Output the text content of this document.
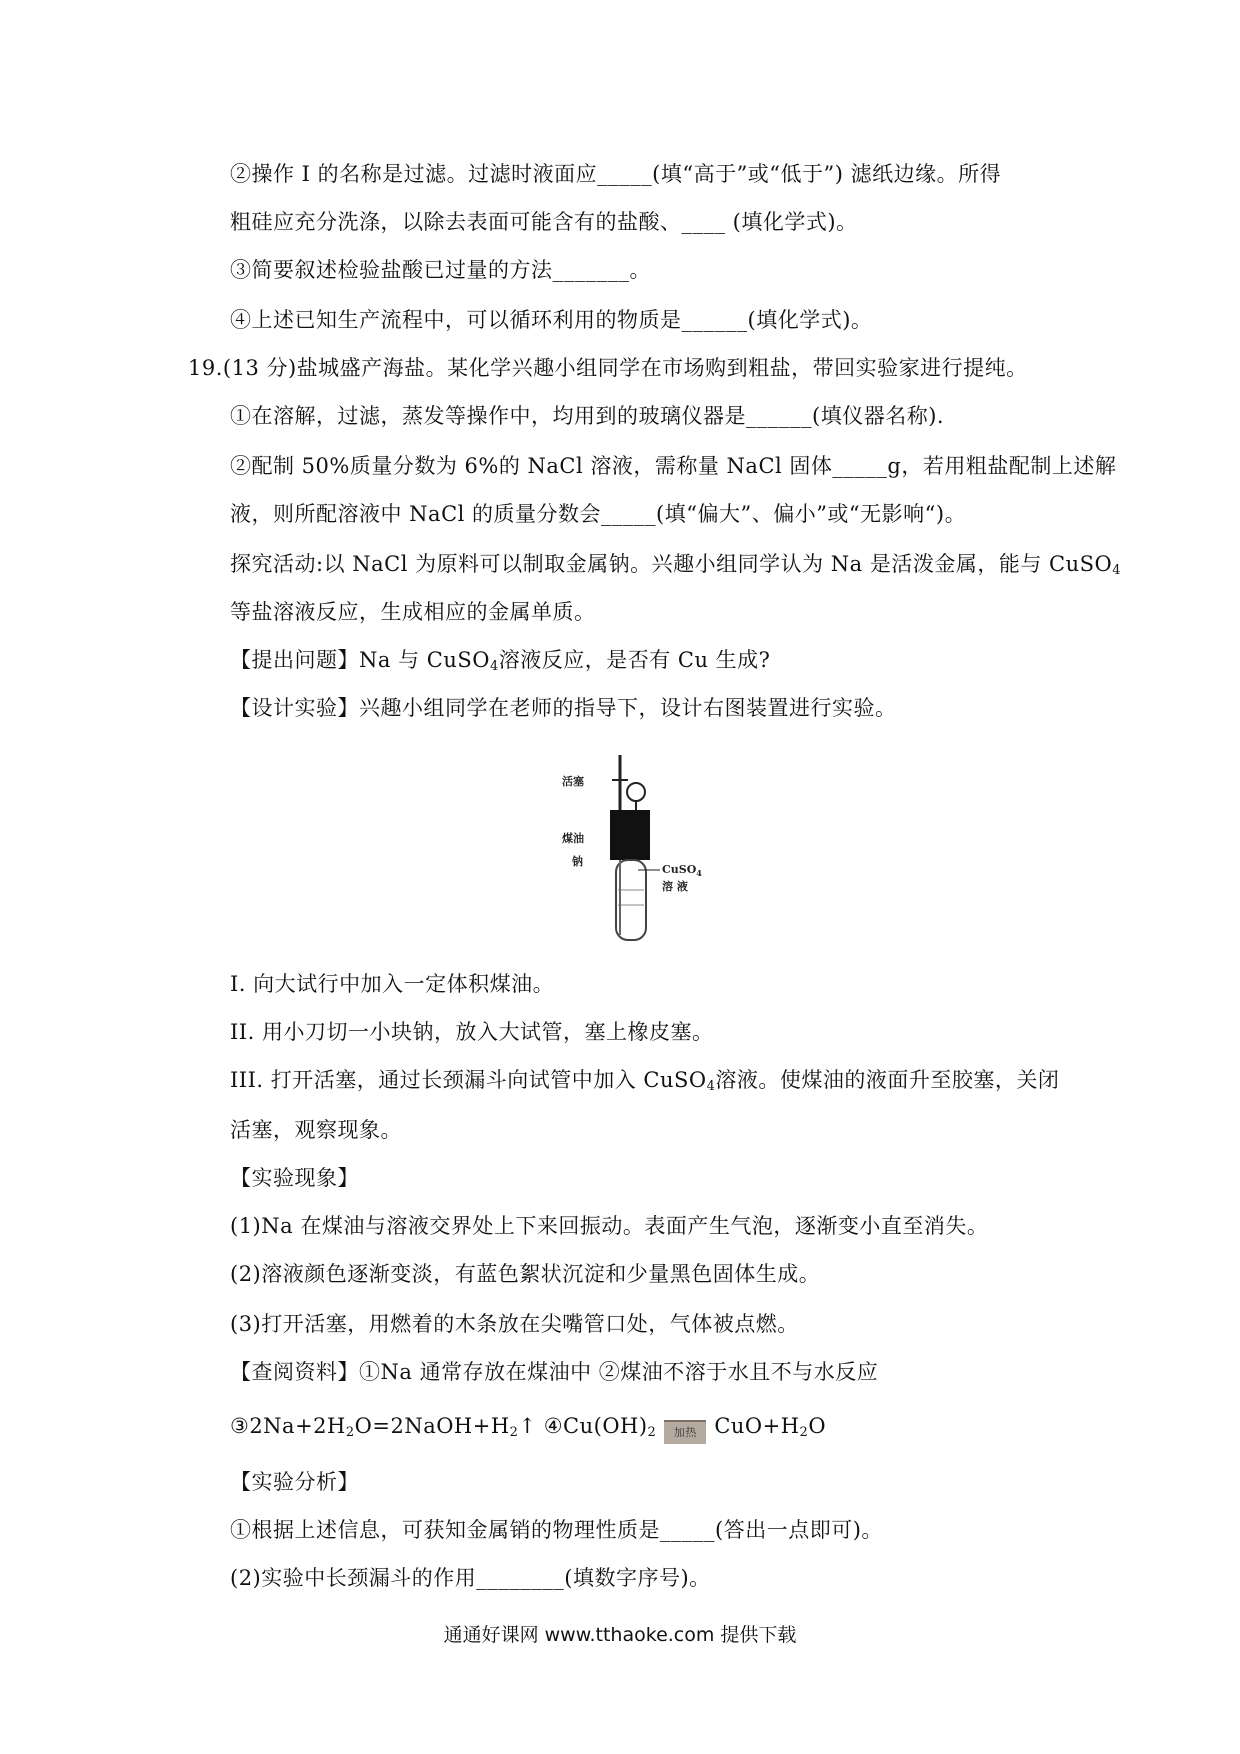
②操作 I 的名称是过滤。过滤时液面应_____(填“高于”或“低于”) 滤纸边缘。所得
粗硅应充分洗涤，以除去表面可能含有的盐酸、____ (填化学式)。
③简要叙述检验盐酸已过量的方法_______。
④上述已知生产流程中，可以循环利用的物质是______(填化学式)。
19.(13 分)盐城盛产海盐。某化学兴趣小组同学在市场购到粗盐，带回实验家进行提纯。
①在溶解，过滤，蒸发等操作中，均用到的玻璃仪器是______(填仪器名称).
②配制 50%质量分数为 6%的 NaCl 溶液，需称量 NaCl 固体_____g，若用粗盐配制上述解
液，则所配溶液中 NaCl 的质量分数会_____(填“偏大”、偏小”或“无影响“)。
探究活动:以 NaCl 为原料可以制取金属钠。兴趣小组同学认为 Na 是活泼金属，能与 CuSO$_4$
等盐溶液反应，生成相应的金属单质。
【提出问题】Na 与 CuSO$_4$溶液反应，是否有 Cu 生成?
【设计实验】兴趣小组同学在老师的指导下，设计右图装置进行实验。
活塞
煤油
钠
CuSO$_4$
溶 液
I. 向大试行中加入一定体积煤油。
II. 用小刀切一小块钠，放入大试管，塞上橡皮塞。
III. 打开活塞，通过长颈漏斗向试管中加入 CuSO$_4$溶液。使煤油的液面升至胶塞，关闭
活塞，观察现象。
【实验现象】
(1)Na 在煤油与溶液交界处上下来回振动。表面产生气泡，逐渐变小直至消失。
(2)溶液颜色逐渐变淡，有蓝色絮状沉淀和少量黑色固体生成。
(3)打开活塞，用燃着的木条放在尖嘴管口处，气体被点燃。
【查阅资料】①Na 通常存放在煤油中 ②煤油不溶于水且不与水反应
$③2Na+2H_2O=2NaOH+H_2↑$ $④Cu(OH)_2$ 加热 $CuO+H_2O$
【实验分析】
①根据上述信息，可获知金属销的物理性质是_____(答出一点即可)。
(2)实验中长颈漏斗的作用________(填数字序号)。
通通好课网 www.tthaoke.com 提供下载
